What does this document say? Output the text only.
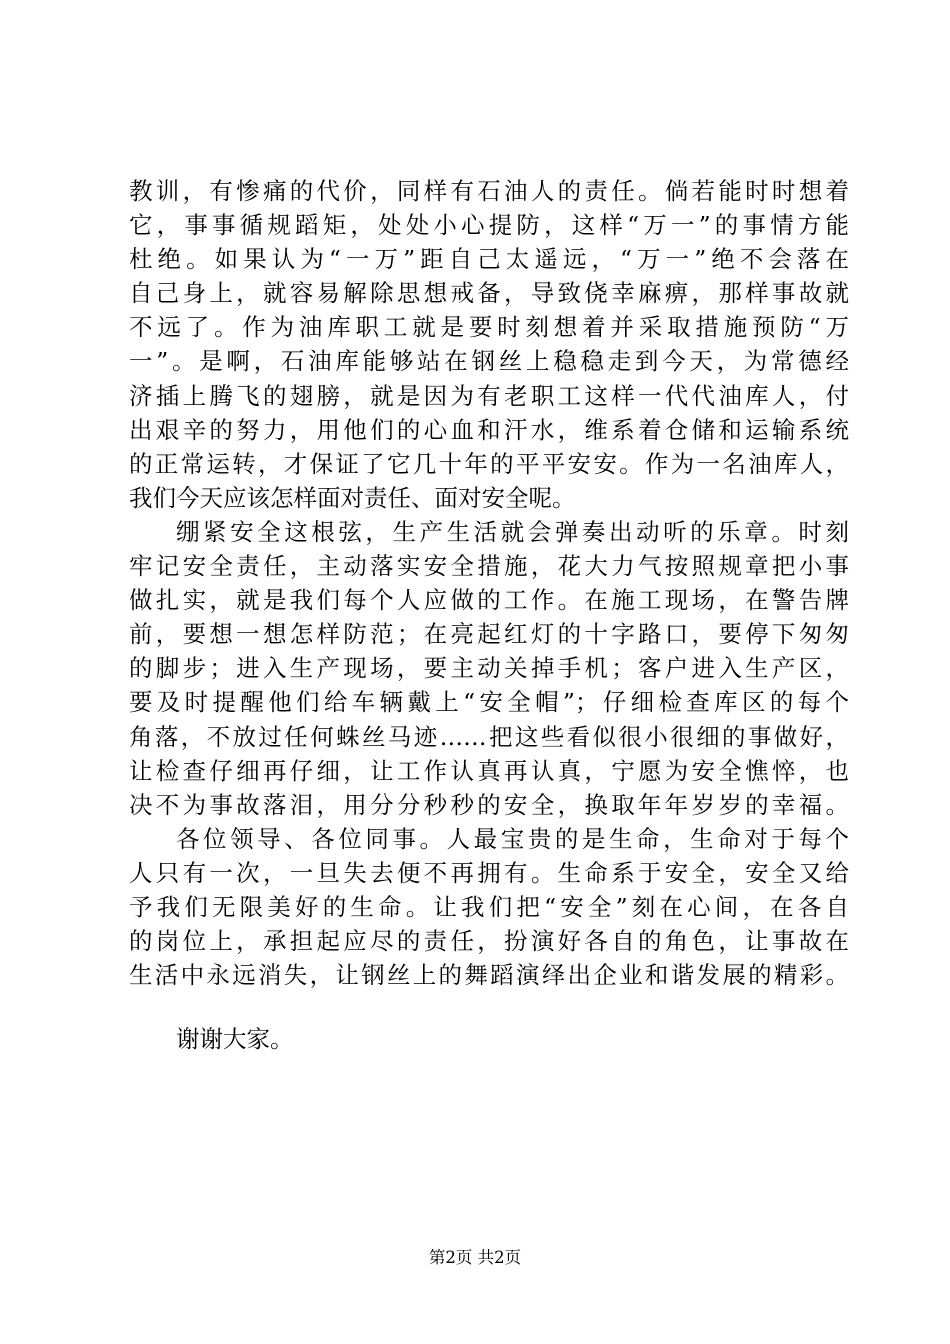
教训，有惨痛的代价，同样有石油人的责任。倘若能时时想着
它，事事循规蹈矩，处处小心提防，这样“万一”的事情方能
杜绝。如果认为“一万”距自己太遥远，“万一”绝不会落在
自己身上，就容易解除思想戒备，导致侥幸麻痹，那样事故就
不远了。作为油库职工就是要时刻想着并采取措施预防“万
一”。是啊，石油库能够站在钢丝上稳稳走到今天，为常德经
济插上腾飞的翅膀，就是因为有老职工这样一代代油库人，付
出艰辛的努力，用他们的心血和汗水，维系着仓储和运输系统
的正常运转，才保证了它几十年的平平安安。作为一名油库人，
我们今天应该怎样面对责任、面对安全呢。
绷紧安全这根弦，生产生活就会弹奏出动听的乐章。时刻
牢记安全责任，主动落实安全措施，花大力气按照规章把小事
做扎实，就是我们每个人应做的工作。在施工现场，在警告牌
前，要想一想怎样防范；在亮起红灯的十字路口，要停下匆匆
的脚步；进入生产现场，要主动关掉手机；客户进入生产区，
要及时提醒他们给车辆戴上“安全帽”；仔细检查库区的每个
角落，不放过任何蛛丝马迹……把这些看似很小很细的事做好，
让检查仔细再仔细，让工作认真再认真，宁愿为安全憔悴，也
决不为事故落泪，用分分秒秒的安全，换取年年岁岁的幸福。
各位领导、各位同事。人最宝贵的是生命，生命对于每个
人只有一次，一旦失去便不再拥有。生命系于安全，安全又给
予我们无限美好的生命。让我们把“安全”刻在心间，在各自
的岗位上，承担起应尽的责任，扮演好各自的角色，让事故在
生活中永远消失，让钢丝上的舞蹈演绎出企业和谐发展的精彩。
谢谢大家。
第2页 共2页
